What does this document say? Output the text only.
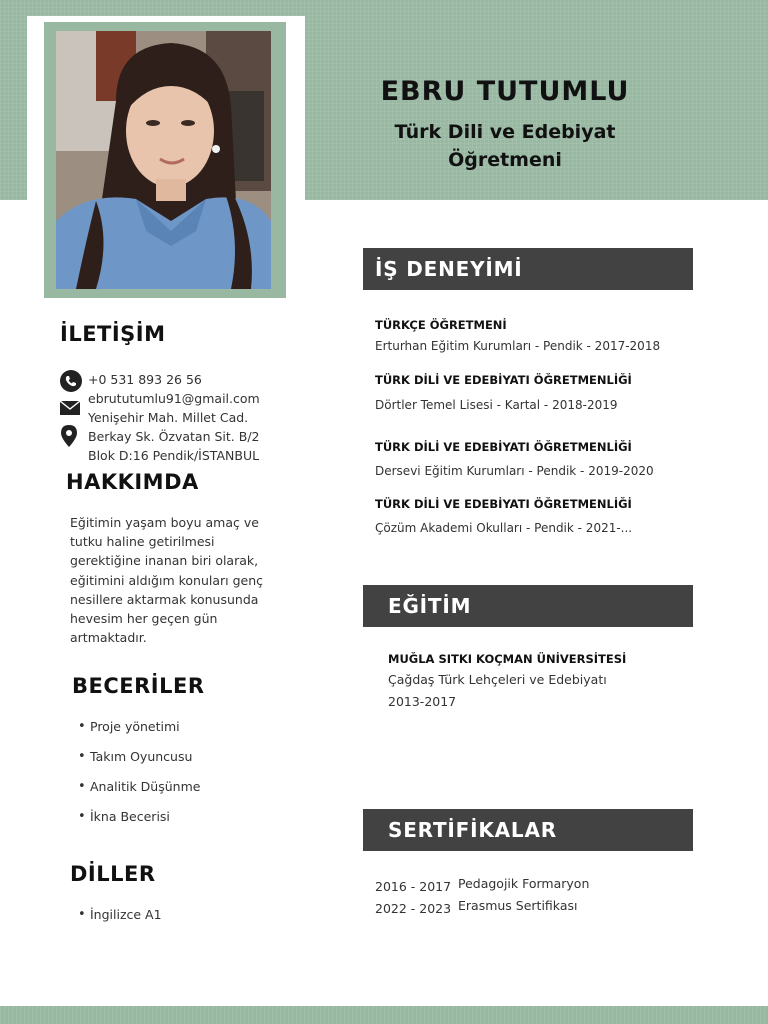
EBRU TUTUMLU
Türk Dili ve Edebiyat
Öğretmeni
İLETİŞİM
+0 531 893 26 56
ebrututumlu91@gmail.com
Yenişehir Mah. Millet Cad.
Berkay Sk. Özvatan Sit. B/2
Blok D:16 Pendik/İSTANBUL
HAKKIMDA
Eğitimin yaşam boyu amaç ve
tutku haline getirilmesi
gerektiğine inanan biri olarak,
eğitimini aldığım konuları genç
nesillere aktarmak konusunda
hevesim her geçen gün
artmaktadır.
BECERİLER
• Proje yönetimi
• Takım Oyuncusu
• Analitik Düşünme
• İkna Becerisi
DİLLER
• İngilizce A1
İŞ DENEYİMİ
TÜRKÇE ÖĞRETMENİ
Erturhan Eğitim Kurumları - Pendik - 2017-2018
TÜRK DİLİ VE EDEBİYATI ÖĞRETMENLİĞİ
Dörtler Temel Lisesi - Kartal - 2018-2019
TÜRK DİLİ VE EDEBİYATI ÖĞRETMENLİĞİ
Dersevi Eğitim Kurumları - Pendik - 2019-2020
TÜRK DİLİ VE EDEBİYATI ÖĞRETMENLİĞİ
Çözüm Akademi Okulları - Pendik - 2021-...
EĞİTİM
MUĞLA SITKI KOÇMAN ÜNİVERSİTESİ
Çağdaş Türk Lehçeleri ve Edebiyatı
2013-2017
SERTİFİKALAR
2016 - 2017 Pedagojik Formaryon
2022 - 2023 Erasmus Sertifikası
